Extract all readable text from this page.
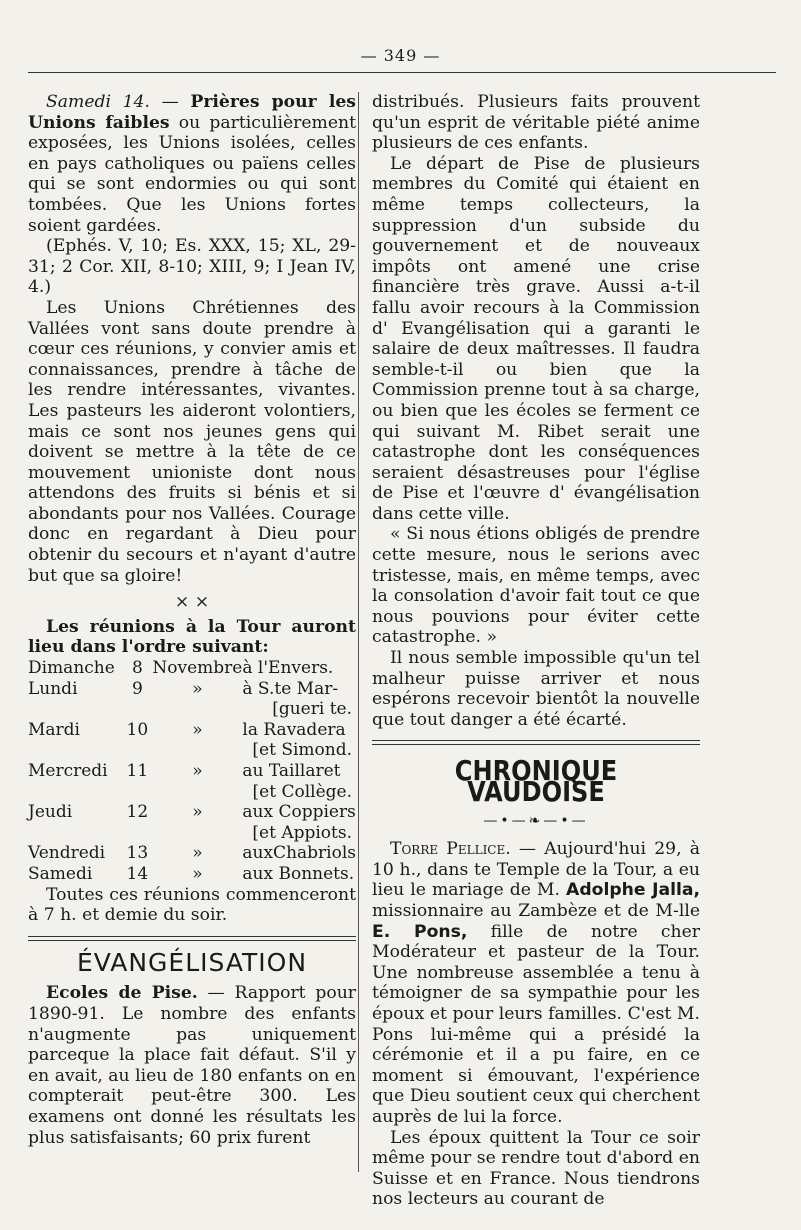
— 349 —

Samedi 14. — Prières pour les Unions faibles ou particulièrement exposées, les Unions isolées, celles en pays catholiques ou païens celles qui se sont endormies ou qui sont tombées. Que les Unions fortes soient gardées.

(Ephés. V, 10; Es. XXX, 15; XL, 29-31; 2 Cor. XII, 8-10; XIII, 9; I Jean IV, 4.)

Les Unions Chrétiennes des Vallées vont sans doute prendre à cœur ces réunions, y convier amis et connaissances, prendre à tâche de les rendre intéressantes, vivantes. Les pasteurs les aideront volontiers, mais ce sont nos jeunes gens qui doivent se mettre à la tête de ce mouvement unioniste dont nous attendons des fruits si bénis et si abondants pour nos Vallées. Courage donc en regardant à Dieu pour obtenir du secours et n'ayant d'autre but que sa gloire!

× ×

Les réunions à la Tour auront lieu dans l'ordre suivant:

Dimanche	8	Novembre	à l'Envers.
Lundi	9	»	à S.te Mar-
[gueri te.			
Mardi	10	»	la Ravadera
[et Simond.			
Mercredi	11	»	au Taillaret
[et Collège.			
Jeudi	12	»	aux Coppiers
[et Appiots.			
Vendredi	13	»	auxChabriols
Samedi	14	»	aux Bonnets.

Toutes ces réunions commenceront à 7 h. et demie du soir.

ÉVANGÉLISATION

Ecoles de Pise. — Rapport pour 1890-91. Le nombre des enfants n'augmente pas uniquement parceque la place fait défaut. S'il y en avait, au lieu de 180 enfants on en compterait peut-être 300. Les examens ont donné les résultats les plus satisfaisants; 60 prix furent

distribués. Plusieurs faits prouvent qu'un esprit de véritable piété anime plusieurs de ces enfants.

Le départ de Pise de plusieurs membres du Comité qui étaient en même temps collecteurs, la suppression d'un subside du gouvernement et de nouveaux impôts ont amené une crise financière très grave. Aussi a-t-il fallu avoir recours à la Commission d' Evangélisation qui a garanti le salaire de deux maîtresses. Il faudra semble-t-il ou bien que la Commission prenne tout à sa charge, ou bien que les écoles se ferment ce qui suivant M. Ribet serait une catastrophe dont les conséquences seraient désastreuses pour l'église de Pise et l'œuvre d' évangélisation dans cette ville.

« Si nous étions obligés de prendre cette mesure, nous le serions avec tristesse, mais, en même temps, avec la consolation d'avoir fait tout ce que nous pouvions pour éviter cette catastrophe. »

Il nous semble impossible qu'un tel malheur puisse arriver et nous espérons recevoir bientôt la nouvelle que tout danger a été écarté.

CHRONIQUE VAUDOISE
—•—❧—•—

Torre Pellice. — Aujourd'hui 29, à 10 h., dans te Temple de la Tour, a eu lieu le mariage de M. Adolphe Jalla, missionnaire au Zambèze et de M-lle E. Pons, fille de notre cher Modérateur et pasteur de la Tour. Une nombreuse assemblée a tenu à témoigner de sa sympathie pour les époux et pour leurs familles. C'est M. Pons lui-même qui a présidé la cérémonie et il a pu faire, en ce moment si émouvant, l'expérience que Dieu soutient ceux qui cherchent auprès de lui la force.

Les époux quittent la Tour ce soir même pour se rendre tout d'abord en Suisse et en France. Nous tiendrons nos lecteurs au courant de
